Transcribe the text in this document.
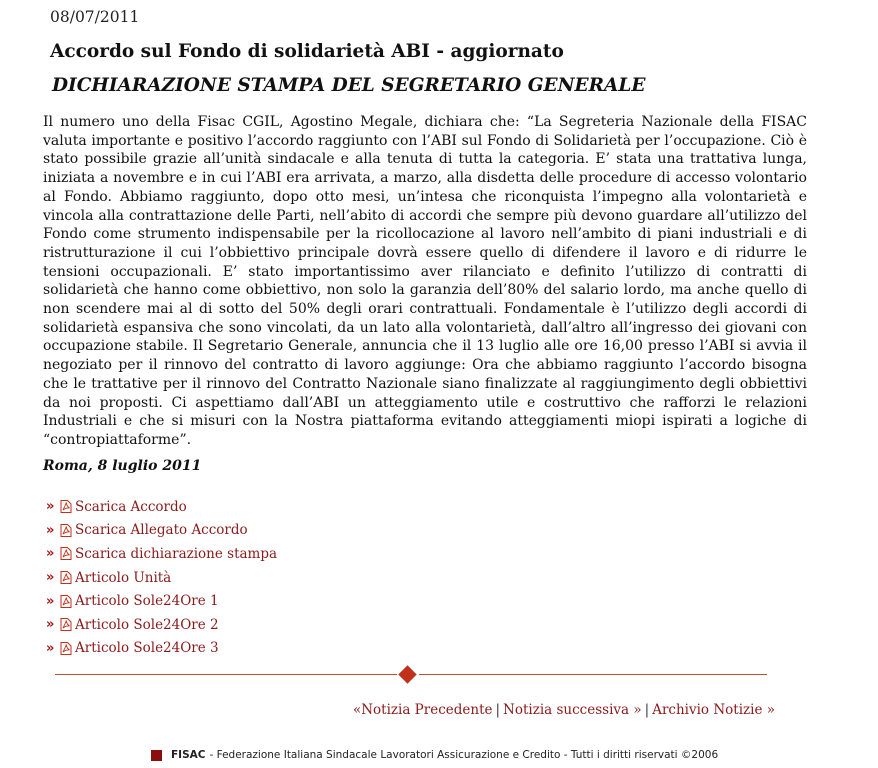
08/07/2011
Accordo sul Fondo di solidarietà ABI - aggiornato
DICHIARAZIONE STAMPA DEL SEGRETARIO GENERALE
Il numero uno della Fisac CGIL, Agostino Megale, dichiara che: “La Segreteria Nazionale della FISAC valuta importante e positivo l’accordo raggiunto con l’ABI sul Fondo di Solidarietà per l’occupazione. Ciò è stato possibile grazie all’unità sindacale e alla tenuta di tutta la categoria. E’ stata una trattativa lunga, iniziata a novembre e in cui l’ABI era arrivata, a marzo, alla disdetta delle procedure di accesso volontario al Fondo. Abbiamo raggiunto, dopo otto mesi, un’intesa che riconquista l’impegno alla volontarietà e vincola alla contrattazione delle Parti, nell’abito di accordi che sempre più devono guardare all’utilizzo del Fondo come strumento indispensabile per la ricollocazione al lavoro nell’ambito di piani industriali e di ristrutturazione il cui l’obbiettivo principale dovrà essere quello di difendere il lavoro e di ridurre le tensioni occupazionali. E’ stato importantissimo aver rilanciato e definito l’utilizzo di contratti di solidarietà che hanno come obbiettivo, non solo la garanzia dell’80% del salario lordo, ma anche quello di non scendere mai al di sotto del 50% degli orari contrattuali. Fondamentale è l’utilizzo degli accordi di solidarietà espansiva che sono vincolati, da un lato alla volontarietà, dall’altro all’ingresso dei giovani con occupazione stabile. Il Segretario Generale, annuncia che il 13 luglio alle ore 16,00 presso l’ABI si avvia il negoziato per il rinnovo del contratto di lavoro aggiunge: Ora che abbiamo raggiunto l’accordo bisogna che le trattative per il rinnovo del Contratto Nazionale siano finalizzate al raggiungimento degli obbiettivi da noi proposti. Ci aspettiamo dall’ABI un atteggiamento utile e costruttivo che rafforzi le relazioni Industriali e che si misuri con la Nostra piattaforma evitando atteggiamenti miopi ispirati a logiche di “contropiattaforme”.
Roma, 8 luglio 2011
»	Scarica Accordo
»	Scarica Allegato Accordo
»	Scarica dichiarazione stampa
»	Articolo Unità
»	Articolo Sole24Ore 1
»	Articolo Sole24Ore 2
»	Articolo Sole24Ore 3
«Notizia Precedente | Notizia successiva » | Archivio Notizie »
FISAC - Federazione Italiana Sindacale Lavoratori Assicurazione e Credito - Tutti i diritti riservati ©2006
